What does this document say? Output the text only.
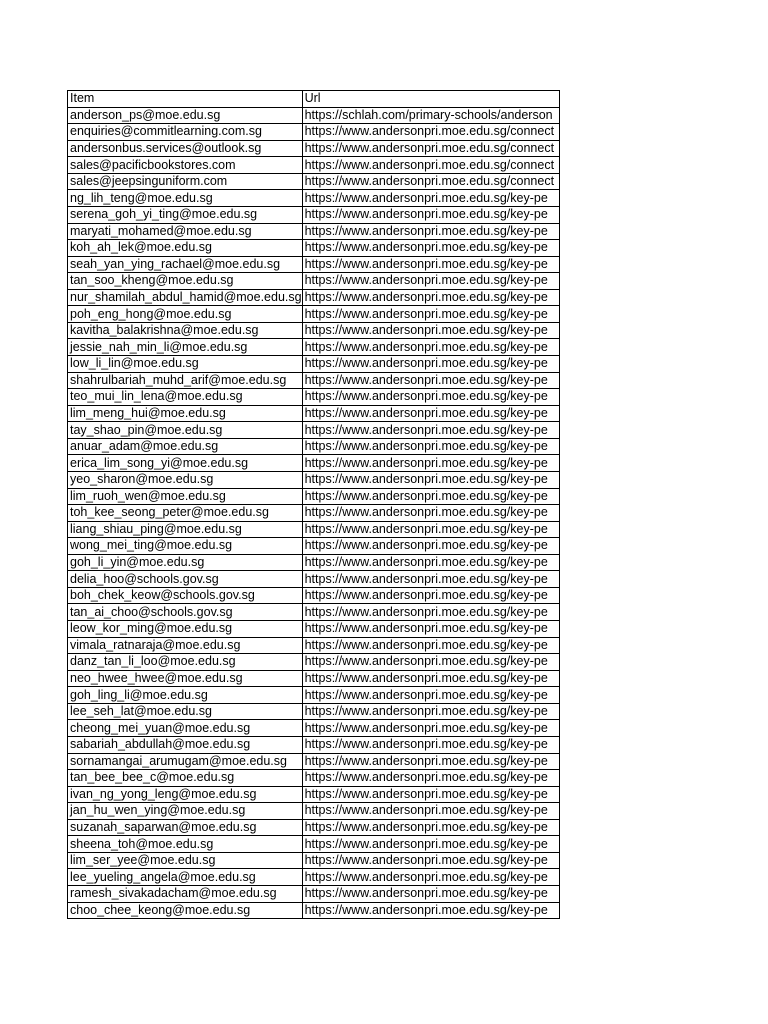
Item	Url
anderson_ps@moe.edu.sg	https://schlah.com/primary-schools/anderson
enquiries@commitlearning.com.sg	https://www.andersonpri.moe.edu.sg/connect
andersonbus.services@outlook.sg	https://www.andersonpri.moe.edu.sg/connect
sales@pacificbookstores.com	https://www.andersonpri.moe.edu.sg/connect
sales@jeepsinguniform.com	https://www.andersonpri.moe.edu.sg/connect
ng_lih_teng@moe.edu.sg	https://www.andersonpri.moe.edu.sg/key-pe
serena_goh_yi_ting@moe.edu.sg	https://www.andersonpri.moe.edu.sg/key-pe
maryati_mohamed@moe.edu.sg	https://www.andersonpri.moe.edu.sg/key-pe
koh_ah_lek@moe.edu.sg	https://www.andersonpri.moe.edu.sg/key-pe
seah_yan_ying_rachael@moe.edu.sg	https://www.andersonpri.moe.edu.sg/key-pe
tan_soo_kheng@moe.edu.sg	https://www.andersonpri.moe.edu.sg/key-pe
nur_shamilah_abdul_hamid@moe.edu.sg	https://www.andersonpri.moe.edu.sg/key-pe
poh_eng_hong@moe.edu.sg	https://www.andersonpri.moe.edu.sg/key-pe
kavitha_balakrishna@moe.edu.sg	https://www.andersonpri.moe.edu.sg/key-pe
jessie_nah_min_li@moe.edu.sg	https://www.andersonpri.moe.edu.sg/key-pe
low_li_lin@moe.edu.sg	https://www.andersonpri.moe.edu.sg/key-pe
shahrulbariah_muhd_arif@moe.edu.sg	https://www.andersonpri.moe.edu.sg/key-pe
teo_mui_lin_lena@moe.edu.sg	https://www.andersonpri.moe.edu.sg/key-pe
lim_meng_hui@moe.edu.sg	https://www.andersonpri.moe.edu.sg/key-pe
tay_shao_pin@moe.edu.sg	https://www.andersonpri.moe.edu.sg/key-pe
anuar_adam@moe.edu.sg	https://www.andersonpri.moe.edu.sg/key-pe
erica_lim_song_yi@moe.edu.sg	https://www.andersonpri.moe.edu.sg/key-pe
yeo_sharon@moe.edu.sg	https://www.andersonpri.moe.edu.sg/key-pe
lim_ruoh_wen@moe.edu.sg	https://www.andersonpri.moe.edu.sg/key-pe
toh_kee_seong_peter@moe.edu.sg	https://www.andersonpri.moe.edu.sg/key-pe
liang_shiau_ping@moe.edu.sg	https://www.andersonpri.moe.edu.sg/key-pe
wong_mei_ting@moe.edu.sg	https://www.andersonpri.moe.edu.sg/key-pe
goh_li_yin@moe.edu.sg	https://www.andersonpri.moe.edu.sg/key-pe
delia_hoo@schools.gov.sg	https://www.andersonpri.moe.edu.sg/key-pe
boh_chek_keow@schools.gov.sg	https://www.andersonpri.moe.edu.sg/key-pe
tan_ai_choo@schools.gov.sg	https://www.andersonpri.moe.edu.sg/key-pe
leow_kor_ming@moe.edu.sg	https://www.andersonpri.moe.edu.sg/key-pe
vimala_ratnaraja@moe.edu.sg	https://www.andersonpri.moe.edu.sg/key-pe
danz_tan_li_loo@moe.edu.sg	https://www.andersonpri.moe.edu.sg/key-pe
neo_hwee_hwee@moe.edu.sg	https://www.andersonpri.moe.edu.sg/key-pe
goh_ling_li@moe.edu.sg	https://www.andersonpri.moe.edu.sg/key-pe
lee_seh_lat@moe.edu.sg	https://www.andersonpri.moe.edu.sg/key-pe
cheong_mei_yuan@moe.edu.sg	https://www.andersonpri.moe.edu.sg/key-pe
sabariah_abdullah@moe.edu.sg	https://www.andersonpri.moe.edu.sg/key-pe
sornamangai_arumugam@moe.edu.sg	https://www.andersonpri.moe.edu.sg/key-pe
tan_bee_bee_c@moe.edu.sg	https://www.andersonpri.moe.edu.sg/key-pe
ivan_ng_yong_leng@moe.edu.sg	https://www.andersonpri.moe.edu.sg/key-pe
jan_hu_wen_ying@moe.edu.sg	https://www.andersonpri.moe.edu.sg/key-pe
suzanah_saparwan@moe.edu.sg	https://www.andersonpri.moe.edu.sg/key-pe
sheena_toh@moe.edu.sg	https://www.andersonpri.moe.edu.sg/key-pe
lim_ser_yee@moe.edu.sg	https://www.andersonpri.moe.edu.sg/key-pe
lee_yueling_angela@moe.edu.sg	https://www.andersonpri.moe.edu.sg/key-pe
ramesh_sivakadacham@moe.edu.sg	https://www.andersonpri.moe.edu.sg/key-pe
choo_chee_keong@moe.edu.sg	https://www.andersonpri.moe.edu.sg/key-pe
